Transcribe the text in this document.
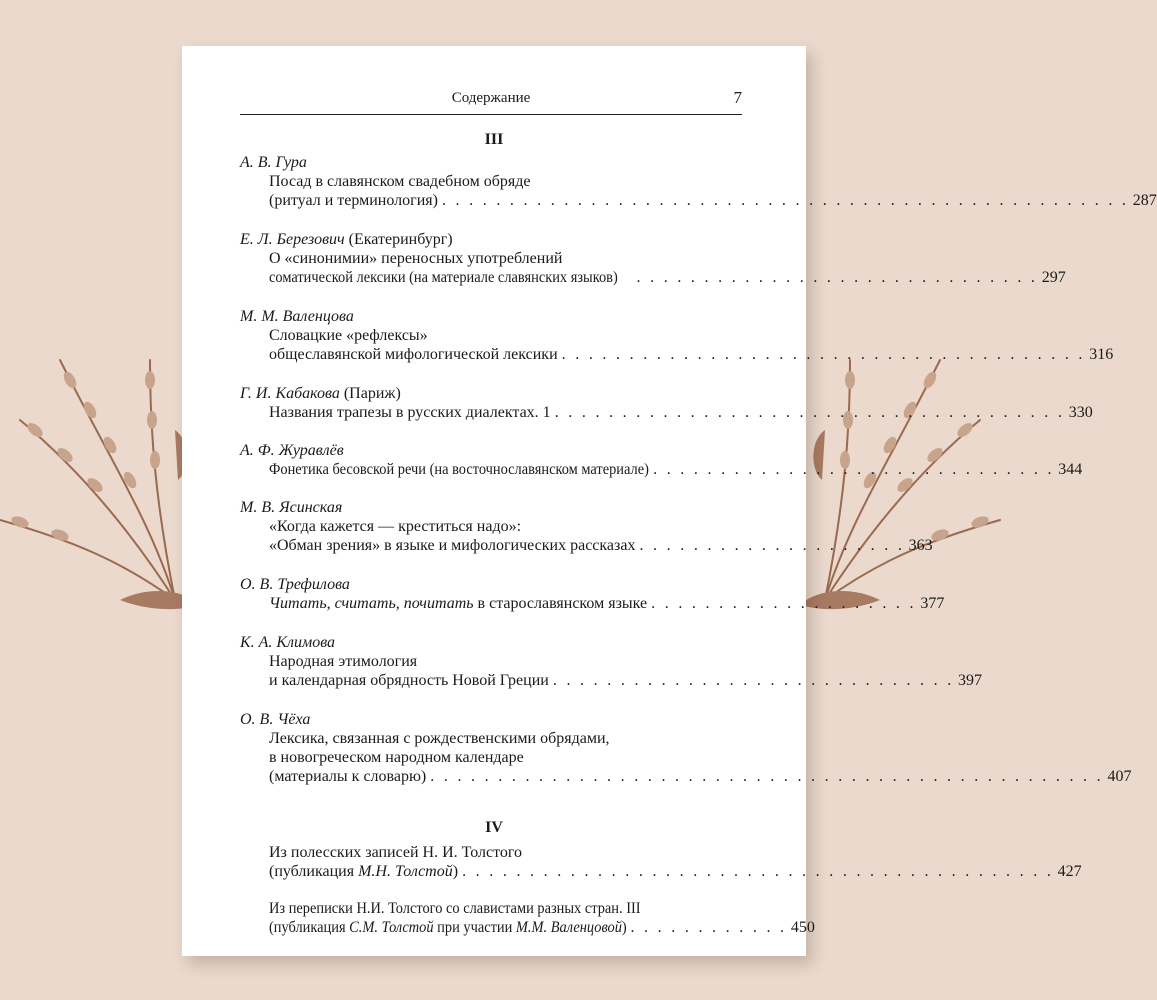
Содержание	7
III
А. В. Гура
Посад в славянском свадебном обряде
(ритуал и терминология) . . . . . . . . . . . . . . . . . . . . . . . . . . . . . . . . . . . . . . . . . . . . . . . . . . . 287
Е. Л. Березович (Екатеринбург)
О «синонимии» переносных употреблений
соматической лексики (на материале славянских языков) . . . . . . . . . . . . . . . . . . . . . . . . . . . . . . 297
М. М. Валенцова
Словацкие «рефлексы»
общеславянской мифологической лексики . . . . . . . . . . . . . . . . . . . . . . . . . . . . . . . . . . . . . . . 316
Г. И. Кабакова (Париж)
Названия трапезы в русских диалектах. 1 . . . . . . . . . . . . . . . . . . . . . . . . . . . . . . . . . . . . . . 330
А. Ф. Журавлёв
Фонетика бесовской речи (на восточнославянском материале) . . . . . . . . . . . . . . . . . . . . . . . . . . . . . . 344
М. В. Ясинская
«Когда кажется — креститься надо»:
«Обман зрения» в языке и мифологических рассказах . . . . . . . . . . . . . . . . . . . . 363
О. В. Трефилова
Читать, считать, почитать в старославянском языке . . . . . . . . . . . . . . . . . . . . 377
К. А. Климова
Народная этимология
и календарная обрядность Новой Греции . . . . . . . . . . . . . . . . . . . . . . . . . . . . . . 397
О. В. Чёха
Лексика, связанная с рождественскими обрядами,
в новогреческом народном календаре
(материалы к словарю) . . . . . . . . . . . . . . . . . . . . . . . . . . . . . . . . . . . . . . . . . . . . . . . . . . 407
IV
Из полесских записей Н. И. Толстого
(публикация М.Н. Толстой) . . . . . . . . . . . . . . . . . . . . . . . . . . . . . . . . . . . . . . . . . . . . 427
Из переписки Н.И. Толстого со славистами разных стран. III
(публикация С.М. Толстой при участии М.М. Валенцовой) . . . . . . . . . . . . 450
